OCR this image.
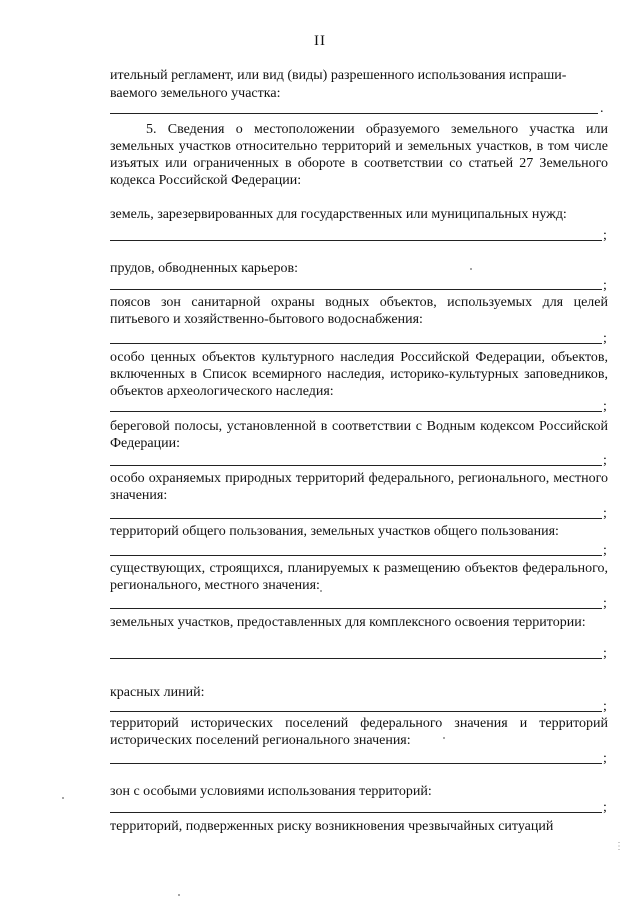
II
ительный регламент, или вид (виды) разрешенного использования испраши-
ваемого земельного участка:
.
5. Сведения о местоположении образуемого земельного участка или земельных участков относительно территорий и земельных участков, в том числе изъятых или ограниченных в обороте в соответствии со статьей 27 Земельного кодекса Российской Федерации:
земель, зарезервированных для государственных или муниципальных нужд:
;
прудов, обводненных карьеров:
;
поясов зон санитарной охраны водных объектов, используемых для целей питьевого и хозяйственно-бытового водоснабжения:
;
особо ценных объектов культурного наследия Российской Федерации, объектов, включенных в Список всемирного наследия, историко-культурных заповедников, объектов археологического наследия:
;
береговой полосы, установленной в соответствии с Водным кодексом Российской Федерации:
;
особо охраняемых природных территорий федерального, регионального, местного значения:
;
территорий общего пользования, земельных участков общего пользования:
;
существующих, строящихся, планируемых к размещению объектов федерального, регионального, местного значения:
;
земельных участков, предоставленных для комплексного освоения территории:
;
красных линий:
;
территорий исторических поселений федерального значения и территорий исторических поселений регионального значения:
;
зон с особыми условиями использования территорий:
;
территорий, подверженных риску возникновения чрезвычайных ситуаций
⋮
